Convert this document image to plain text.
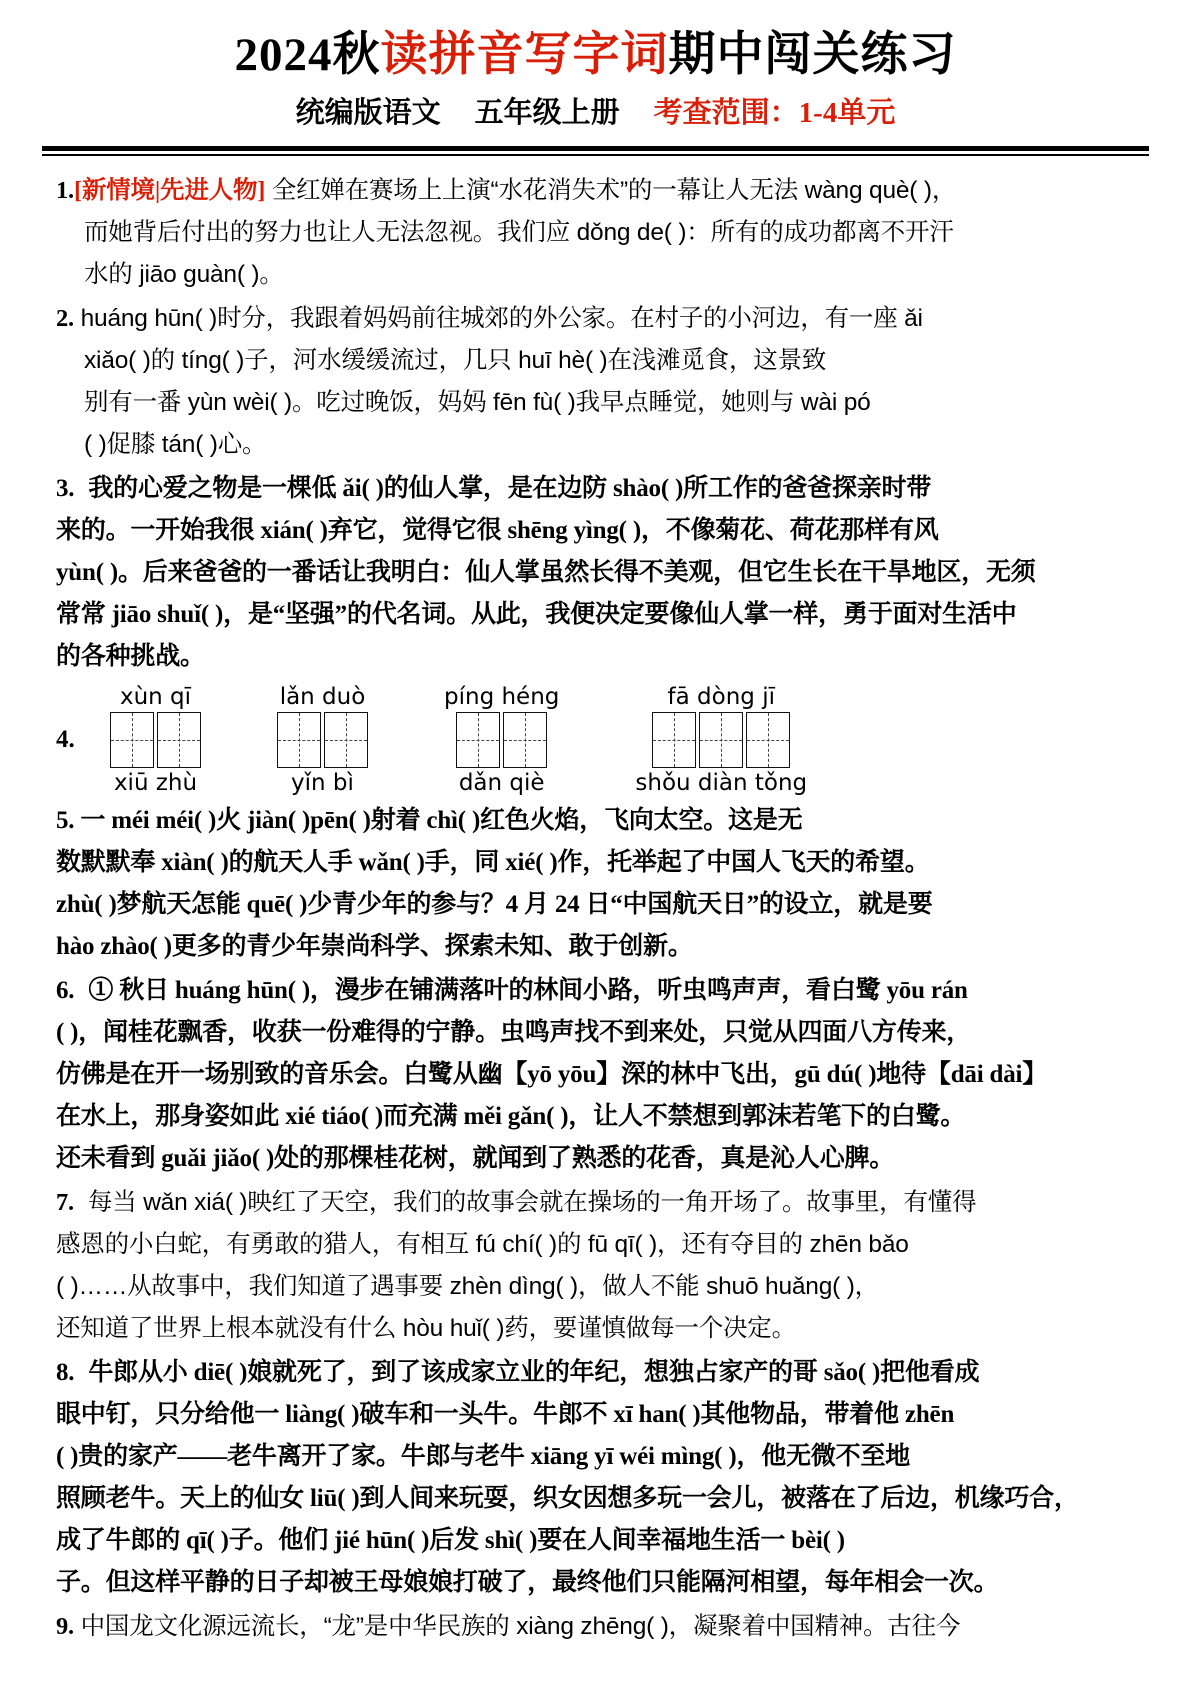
2024秋读拼音写字词期中闯关练习
统编版语文 五年级上册 考查范围：1-4单元
1.[新情境|先进人物] 全红婵在赛场上上演“水花消失术”的一幕让人无法 wàng què( )，
而她背后付出的努力也让人无法忽视。我们应 dǒng de( )：所有的成功都离不开汗
水的 jiāo guàn( )。
2. huáng hūn( )时分，我跟着妈妈前往城郊的外公家。在村子的小河边，有一座 ǎi
xiǎo( )的 tíng( )子，河水缓缓流过，几只 huī hè( )在浅滩觅食，这景致
别有一番 yùn wèi( )。吃过晚饭，妈妈 fēn fù( )我早点睡觉，她则与 wài pó
( )促膝 tán( )心。
3. 我的心爱之物是一棵低 ǎi( )的仙人掌，是在边防 shào( )所工作的爸爸探亲时带
来的。一开始我很 xián( )弃它，觉得它很 shēng yìng( )，不像菊花、荷花那样有风
yùn( )。后来爸爸的一番话让我明白：仙人掌虽然长得不美观，但它生长在干旱地区，无须
常常 jiāo shuǐ( )，是“坚强”的代名词。从此，我便决定要像仙人掌一样，勇于面对生活中
的各种挑战。
4.
xùn qī
xiū zhù
lǎn duò
yǐn bì
píng héng
dǎn qiè
fā dòng jī
shǒu diàn tǒng
5. 一 méi méi( )火 jiàn( )pēn( )射着 chì( )红色火焰，飞向太空。这是无
数默默奉 xiàn( )的航天人手 wǎn( )手，同 xié( )作，托举起了中国人飞天的希望。
zhù( )梦航天怎能 quē( )少青少年的参与？4 月 24 日“中国航天日”的设立，就是要
hào zhào( )更多的青少年崇尚科学、探索未知、敢于创新。
6. ① 秋日 huáng hūn( )，漫步在铺满落叶的林间小路，听虫鸣声声，看白鹭 yōu rán
( )，闻桂花飘香，收获一份难得的宁静。虫鸣声找不到来处，只觉从四面八方传来，
仿佛是在开一场别致的音乐会。白鹭从幽【yō yōu】深的林中飞出，gū dú( )地待【dāi dài】
在水上，那身姿如此 xié tiáo( )而充满 měi gǎn( )，让人不禁想到郭沫若笔下的白鹭。
还未看到 guǎi jiǎo( )处的那棵桂花树，就闻到了熟悉的花香，真是沁人心脾。
7. 每当 wǎn xiá( )映红了天空，我们的故事会就在操场的一角开场了。故事里，有懂得
感恩的小白蛇，有勇敢的猎人，有相互 fú chí( )的 fū qī( )，还有夺目的 zhēn bǎo
( )……从故事中，我们知道了遇事要 zhèn dìng( )，做人不能 shuō huǎng( )，
还知道了世界上根本就没有什么 hòu huǐ( )药，要谨慎做每一个决定。
8. 牛郎从小 diē( )娘就死了，到了该成家立业的年纪，想独占家产的哥 sǎo( )把他看成
眼中钉，只分给他一 liàng( )破车和一头牛。牛郎不 xī han( )其他物品，带着他 zhēn
( )贵的家产——老牛离开了家。牛郎与老牛 xiāng yī wéi mìng( )，他无微不至地
照顾老牛。天上的仙女 liū( )到人间来玩耍，织女因想多玩一会儿，被落在了后边，机缘巧合，
成了牛郎的 qī( )子。他们 jié hūn( )后发 shì( )要在人间幸福地生活一 bèi( )
子。但这样平静的日子却被王母娘娘打破了，最终他们只能隔河相望，每年相会一次。
9. 中国龙文化源远流长，“龙”是中华民族的 xiàng zhēng( )，凝聚着中国精神。古往今
